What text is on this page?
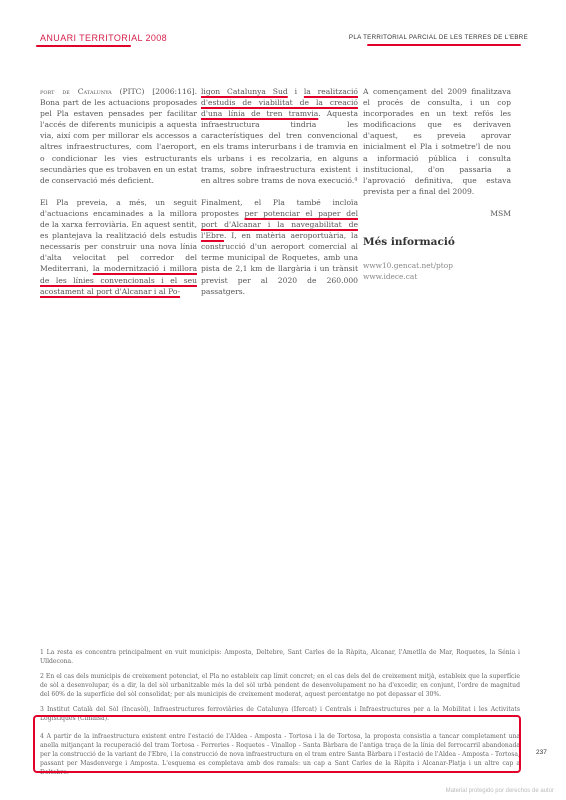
ANUARI TERRITORIAL 2008	PLA TERRITORIAL PARCIAL DE LES TERRES DE L'EBRE

port de Catalunya (PITC) [2006:116]. Bona part de les actuacions proposades pel Pla estaven pensades per facilitar l'accés de diferents municipis a aquesta via, així com per millorar els accessos a altres infraestructures, com l'aeroport, o condicionar les vies estructurants secundàries que es trobaven en un estat de conservació més deficient.

El Pla preveia, a més, un seguit d'actuacions encaminades a la millora de la xarxa ferroviària. En aquest sentit, es plantejava la realització dels estudis necessaris per construir una nova línia d'alta velocitat pel corredor del Mediterrani, la modernització i millora de les línies convencionals i el seu acostament al port d'Alcanar i al Po-

ligon Catalunya Sud i la realització d'estudis de viabilitat de la creació d'una línia de tren tramvia. Aquesta infraestructura tindria les característiques del tren convencional en els trams interurbans i de tramvia en els urbans i es recolzaria, en alguns trams, sobre infraestructura existent i en altres sobre trams de nova execució.⁴

Finalment, el Pla també incloïa propostes per potenciar el paper del port d'Alcanar i la navegabilitat de l'Ebre. I, en matèria aeroportuària, la construcció d'un aeroport comercial al terme municipal de Roquetes, amb una pista de 2,1 km de llargària i un trànsit previst per al 2020 de 260.000 passatgers.

A començament del 2009 finalitzava el procés de consulta, i un cop incorporades en un text refós les modificacions que es derivaven d'aquest, es preveia aprovar inicialment el Pla i sotmetre'l de nou a informació pública i consulta institucional, d'on passaria a l'aprovació definitiva, que estava prevista per a final del 2009.

MSM
Més informació
www10.gencat.net/ptop
www.idece.cat

1 La resta es concentra principalment en vuit municipis: Amposta, Deltebre, Sant Carles de la Ràpita, Alcanar, l'Ametlla de Mar, Roquetes, la Sénia i Ulldecona.

2 En el cas dels municipis de creixement potenciat, el Pla no estableix cap límit concret; en el cas dels del de creixement mitjà, estableix que la superfície de sòl a desenvolupar, és a dir, la del sòl urbanitzable més la del sòl urbà pendent de desenvolupament no ha d'excedir, en conjunt, l'ordre de magnitud del 60% de la superfície del sòl consolidat; per als municipis de creixement moderat, aquest percentatge no pot depassar el 30%.

3 Institut Català del Sòl (Incasòl), Infraestructures ferroviàries de Catalunya (Ifercat) i Centrals i Infraestructures per a la Mobilitat i les Activitats Logístiques (Cimalsa).

4 A partir de la infraestructura existent entre l'estació de l'Aldea - Amposta - Tortosa i la de Tortosa, la proposta consistia a tancar completament una anella mitjançant la recuperació del tram Tortosa - Ferreries - Roquetes - Vinallop - Santa Bàrbara de l'antiga traça de la línia del ferrocarril abandonada per la construcció de la variant de l'Ebre, i la construcció de nova infraestructura en el tram entre Santa Bàrbara i l'estació de l'Aldea - Amposta - Tortosa, passant per Masdenverge i Amposta. L'esquema es completava amb dos ramals: un cap a Sant Carles de la Ràpita i Alcanar-Platja i un altre cap a Deltebre.

237
Material protegido por derechos de autor
